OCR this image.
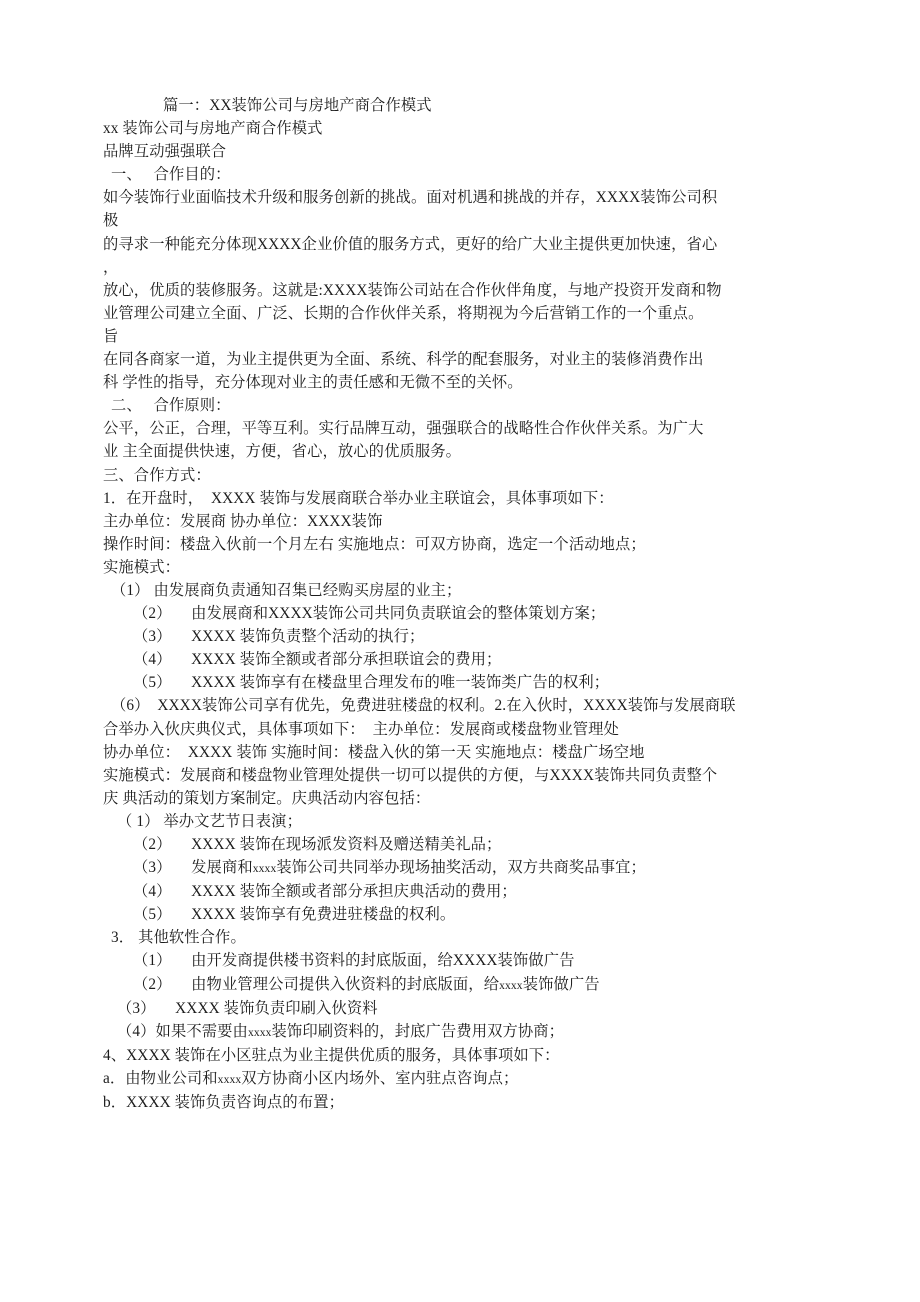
篇一：XX装饰公司与房地产商合作模式
xx 装饰公司与房地产商合作模式
品牌互动强强联合
一、   合作目的：
如今装饰行业面临技术升级和服务创新的挑战。面对机遇和挑战的并存，XXXX装饰公司积
极
的寻求一种能充分体现XXXX企业价值的服务方式，更好的给广大业主提供更加快速，省心
，
放心，优质的装修服务。这就是:XXXX装饰公司站在合作伙伴角度，与地产投资开发商和物
业管理公司建立全面、广泛、长期的合作伙伴关系，将期视为今后营销工作的一个重点。
旨
在同各商家一道，为业主提供更为全面、系统、科学的配套服务，对业主的装修消费作出
科 学性的指导，充分体现对业主的责任感和无微不至的关怀。
二、   合作原则：
公平，公正，合理，平等互利。实行品牌互动，强强联合的战略性合作伙伴关系。为广大
业 主全面提供快速，方便，省心，放心的优质服务。
三、合作方式：
1．在开盘时，  XXXX 装饰与发展商联合举办业主联谊会，具体事项如下：
主办单位：发展商 协办单位：XXXX装饰
操作时间：楼盘入伙前一个月左右 实施地点：可双方协商，选定一个活动地点；
实施模式：
（1） 由发展商负责通知召集已经购买房屋的业主；
（2）     由发展商和XXXX装饰公司共同负责联谊会的整体策划方案；
（3）     XXXX 装饰负责整个活动的执行；
（4）     XXXX 装饰全额或者部分承担联谊会的费用；
（5）     XXXX 装饰享有在楼盘里合理发布的唯一装饰类广告的权利；
（6）  XXXX装饰公司享有优先，免费进驻楼盘的权利。2.在入伙时，XXXX装饰与发展商联
合举办入伙庆典仪式，具体事项如下：  主办单位：发展商或楼盘物业管理处
协办单位：  XXXX 装饰 实施时间：楼盘入伙的第一天 实施地点：楼盘广场空地
实施模式：发展商和楼盘物业管理处提供一切可以提供的方便，与XXXX装饰共同负责整个
庆 典活动的策划方案制定。庆典活动内容包括：
（ 1） 举办文艺节日表演；
（2）     XXXX 装饰在现场派发资料及赠送精美礼品；
（3）     发展商和xxxx装饰公司共同举办现场抽奖活动，双方共商奖品事宜；
（4）     XXXX 装饰全额或者部分承担庆典活动的费用；
（5）     XXXX 装饰享有免费进驻楼盘的权利。
3． 其他软性合作。
（1）     由开发商提供楼书资料的封底版面，给XXXX装饰做广告
（2）     由物业管理公司提供入伙资料的封底版面，给xxxx装饰做广告
（3）     XXXX 装饰负责印刷入伙资料
（4）如果不需要由xxxx装饰印刷资料的，封底广告费用双方协商；
4、XXXX 装饰在小区驻点为业主提供优质的服务，具体事项如下：
a．由物业公司和xxxx双方协商小区内场外、室内驻点咨询点；
b．XXXX 装饰负责咨询点的布置；
